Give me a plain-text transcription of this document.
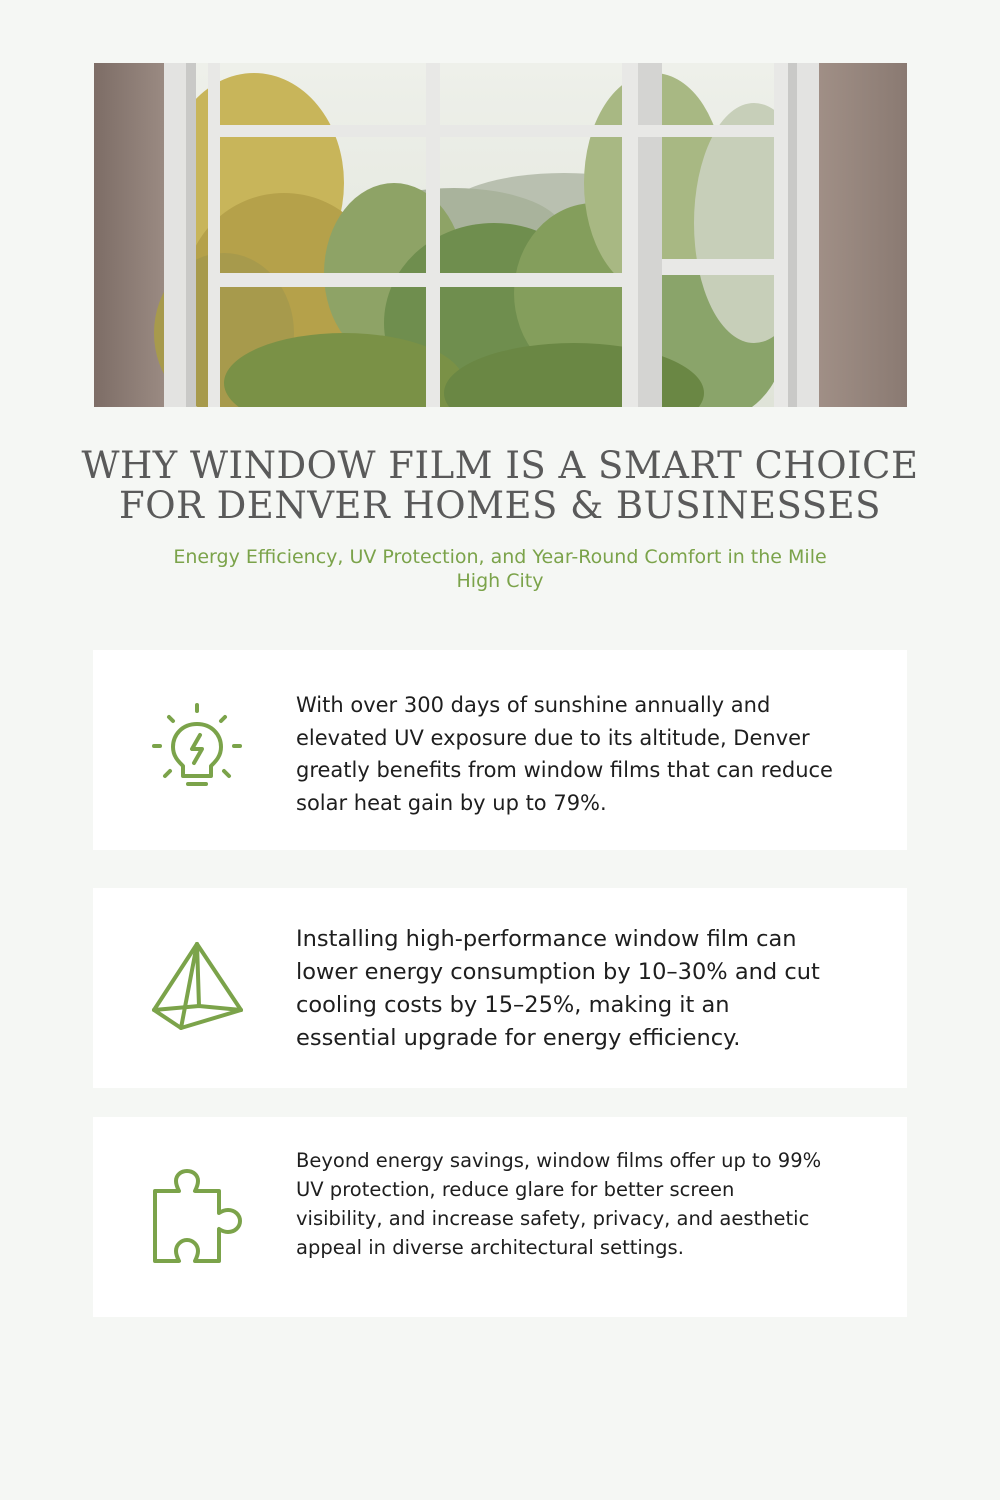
WHY WINDOW FILM IS A SMART CHOICE
FOR DENVER HOMES & BUSINESSES

Energy Efficiency, UV Protection, and Year-Round Comfort in the Mile High City

With over 300 days of sunshine annually and elevated UV exposure due to its altitude, Denver greatly benefits from window films that can reduce solar heat gain by up to 79%.
Installing high-performance window film can lower energy consumption by 10–30% and cut cooling costs by 15–25%, making it an essential upgrade for energy efficiency.
Beyond energy savings, window films offer up to 99% UV protection, reduce glare for better screen visibility, and increase safety, privacy, and aesthetic appeal in diverse architectural settings.
